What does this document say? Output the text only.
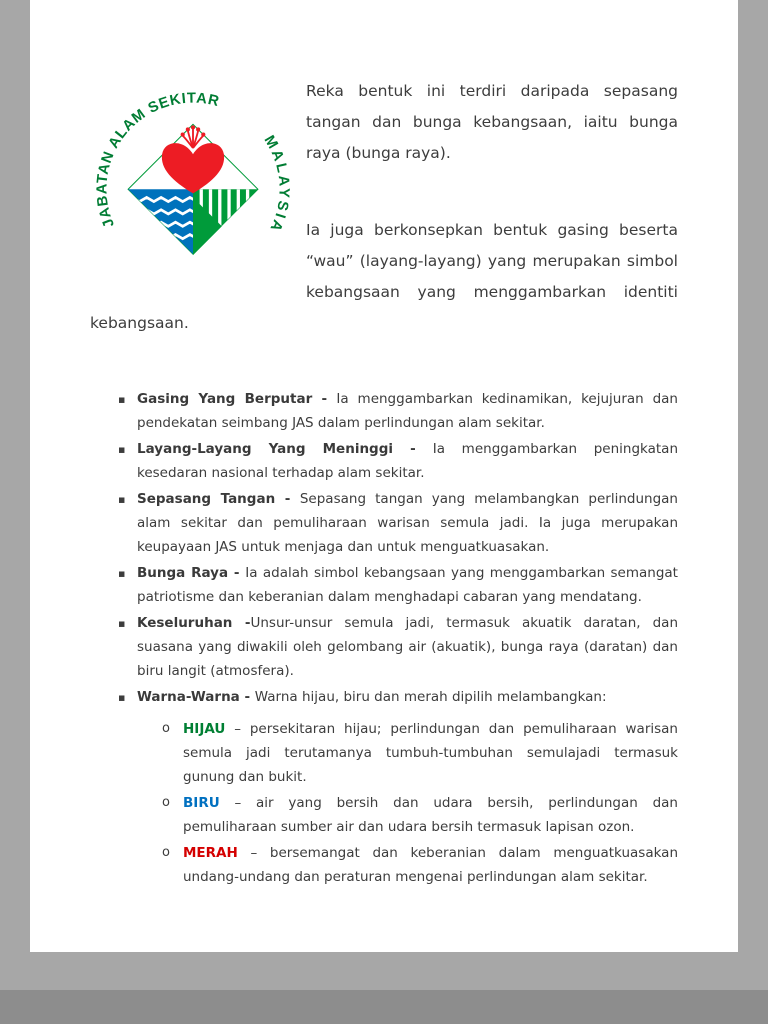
JABATAN ALAM SEKITAR
MALAYSIA

Reka bentuk ini terdiri daripada sepasang tangan dan bunga kebangsaan, iaitu bunga raya (bunga raya).

Ia juga berkonsepkan bentuk gasing beserta “wau” (layang-layang) yang merupakan simbol kebangsaan yang menggambarkan identiti kebangsaan.

▪ Gasing Yang Berputar - Ia menggambarkan kedinamikan, kejujuran dan pendekatan seimbang JAS dalam perlindungan alam sekitar.
▪ Layang-Layang Yang Meninggi - Ia menggambarkan peningkatan kesedaran nasional terhadap alam sekitar.
▪ Sepasang Tangan - Sepasang tangan yang melambangkan perlindungan alam sekitar dan pemuliharaan warisan semula jadi. Ia juga merupakan keupayaan JAS untuk menjaga dan untuk menguatkuasakan.
▪ Bunga Raya - Ia adalah simbol kebangsaan yang menggambarkan semangat patriotisme dan keberanian dalam menghadapi cabaran yang mendatang.
▪ Keseluruhan -Unsur-unsur semula jadi, termasuk akuatik daratan, dan suasana yang diwakili oleh gelombang air (akuatik), bunga raya (daratan) dan biru langit (atmosfera).
▪ Warna-Warna - Warna hijau, biru dan merah dipilih melambangkan:
o HIJAU – persekitaran hijau; perlindungan dan pemuliharaan warisan semula jadi terutamanya tumbuh-tumbuhan semulajadi termasuk gunung dan bukit.
o BIRU – air yang bersih dan udara bersih, perlindungan dan pemuliharaan sumber air dan udara bersih termasuk lapisan ozon.
o MERAH – bersemangat dan keberanian dalam menguatkuasakan undang-undang dan peraturan mengenai perlindungan alam sekitar.
